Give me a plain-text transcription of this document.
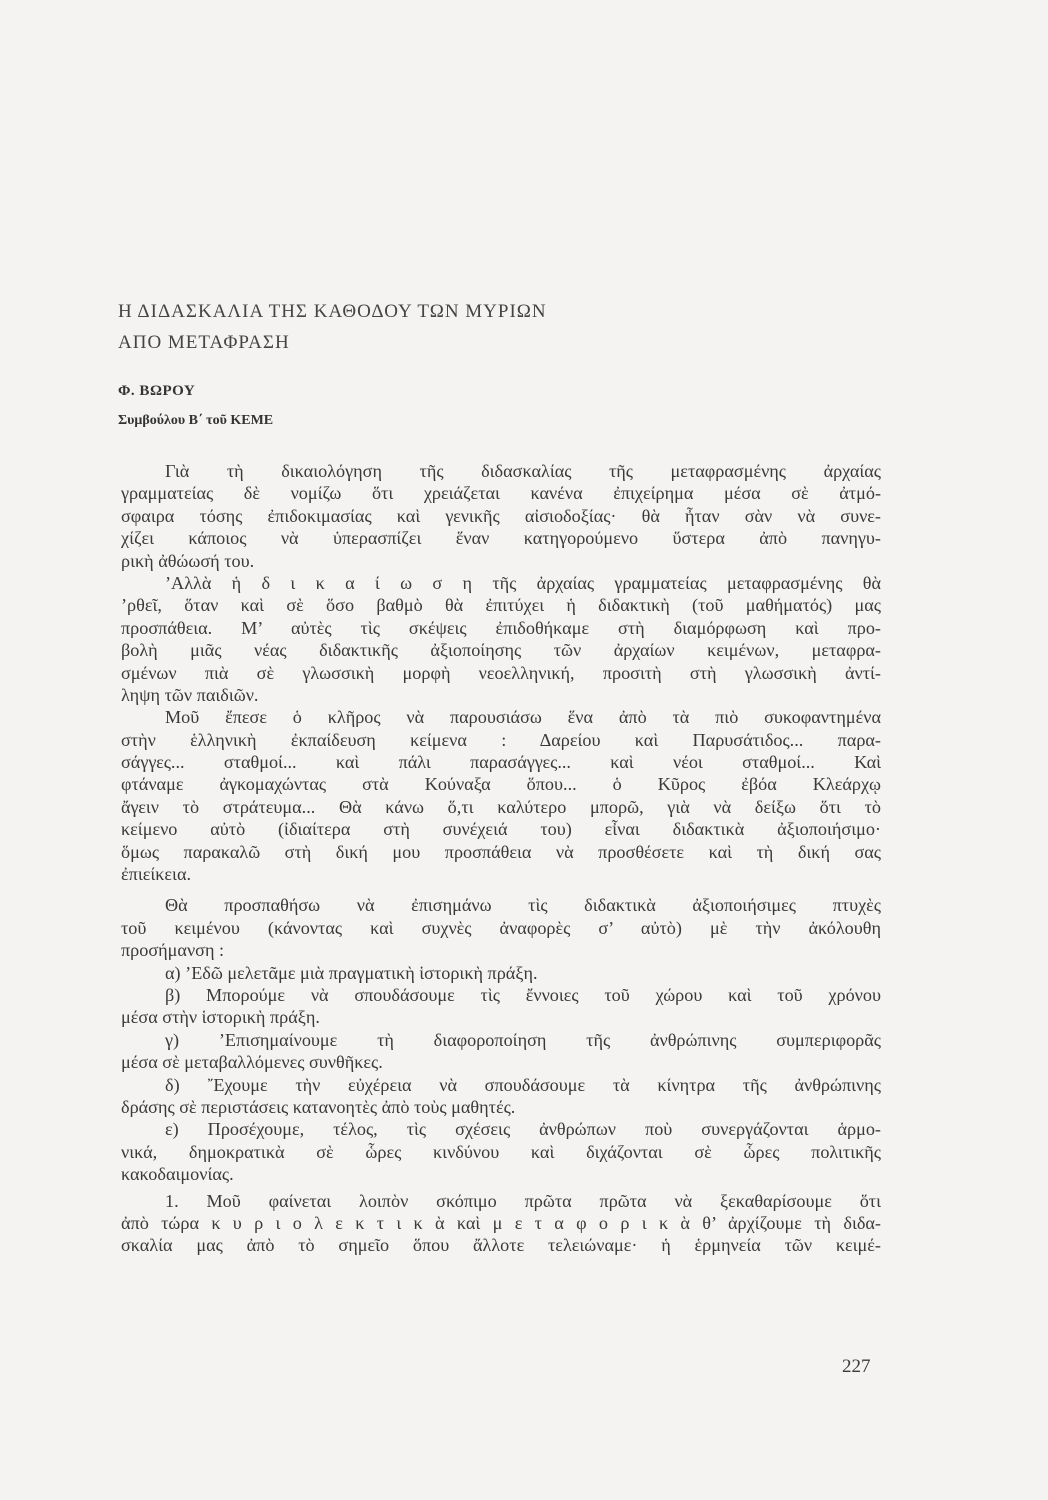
Η ΔΙΔΑΣΚΑΛΙΑ ΤΗΣ ΚΑΘΟΔΟΥ ΤΩΝ ΜΥΡΙΩΝ
ΑΠΟ ΜΕΤΑΦΡΑΣΗ
Φ. ΒΩΡΟΥ
Συμβούλου Β΄ τοῦ ΚΕΜΕ
Γιὰ τὴ δικαιολόγηση τῆς διδασκαλίας τῆς μεταφρασμένης ἀρχαίας
γραμματείας δὲ νομίζω ὅτι χρειάζεται κανένα ἐπιχείρημα μέσα σὲ ἀτμό-
σφαιρα τόσης ἐπιδοκιμασίας καὶ γενικῆς αἰσιοδοξίας· θὰ ἦταν σὰν νὰ συνε-
χίζει κάποιος νὰ ὑπερασπίζει ἕναν κατηγορούμενο ὕστερα ἀπὸ πανηγυ-
ρικὴ ἀθώωσή του.
’Αλλὰ ἡ δ ι κ α ί ω σ η τῆς ἀρχαίας γραμματείας μεταφρασμένης θὰ
’ρθεῖ, ὅταν καὶ σὲ ὅσο βαθμὸ θὰ ἐπιτύχει ἡ διδακτικὴ (τοῦ μαθήματός) μας
προσπάθεια. Μ’ αὐτὲς τὶς σκέψεις ἐπιδοθήκαμε στὴ διαμόρφωση καὶ προ-
βολὴ μιᾶς νέας διδακτικῆς ἀξιοποίησης τῶν ἀρχαίων κειμένων, μεταφρα-
σμένων πιὰ σὲ γλωσσικὴ μορφὴ νεοελληνική, προσιτὴ στὴ γλωσσικὴ ἀντί-
ληψη τῶν παιδιῶν.
Μοῦ ἔπεσε ὁ κλῆρος νὰ παρουσιάσω ἕνα ἀπὸ τὰ πιὸ συκοφαντημένα
στὴν ἑλληνικὴ ἐκπαίδευση κείμενα : Δαρείου καὶ Παρυσάτιδος... παρα-
σάγγες... σταθμοί... καὶ πάλι παρασάγγες... καὶ νέοι σταθμοί... Καὶ
φτάναμε ἀγκομαχώντας στὰ Κούναξα ὅπου... ὁ Κῦρος ἐβόα Κλεάρχῳ
ἄγειν τὸ στράτευμα... Θὰ κάνω ὅ,τι καλύτερο μπορῶ, γιὰ νὰ δείξω ὅτι τὸ
κείμενο αὐτὸ (ἰδιαίτερα στὴ συνέχειά του) εἶναι διδακτικὰ ἀξιοποιήσιμο·
ὅμως παρακαλῶ στὴ δική μου προσπάθεια νὰ προσθέσετε καὶ τὴ δική σας
ἐπιείκεια.
Θὰ προσπαθήσω νὰ ἐπισημάνω τὶς διδακτικὰ ἀξιοποιήσιμες πτυχὲς
τοῦ κειμένου (κάνοντας καὶ συχνὲς ἀναφορὲς σ’ αὐτὸ) μὲ τὴν ἀκόλουθη
προσήμανση :
α) ’Εδῶ μελετᾶμε μιὰ πραγματικὴ ἱστορικὴ πράξη.
β) Μπορούμε νὰ σπουδάσουμε τὶς ἔννοιες τοῦ χώρου καὶ τοῦ χρόνου
μέσα στὴν ἱστορικὴ πράξη.
γ) ’Επισημαίνουμε τὴ διαφοροποίηση τῆς ἀνθρώπινης συμπεριφορᾶς
μέσα σὲ μεταβαλλόμενες συνθῆκες.
δ) ῎Εχουμε τὴν εὐχέρεια νὰ σπουδάσουμε τὰ κίνητρα τῆς ἀνθρώπινης
δράσης σὲ περιστάσεις κατανοητὲς ἀπὸ τοὺς μαθητές.
ε) Προσέχουμε, τέλος, τὶς σχέσεις ἀνθρώπων ποὺ συνεργάζονται ἁρμο-
νικά, δημοκρατικὰ σὲ ὧρες κινδύνου καὶ διχάζονται σὲ ὧρες πολιτικῆς
κακοδαιμονίας.
1. Μοῦ φαίνεται λοιπὸν σκόπιμο πρῶτα πρῶτα νὰ ξεκαθαρίσουμε ὅτι
ἀπὸ τώρα κ υ ρ ι ο λ ε κ τ ι κ ὰ καὶ μ ε τ α φ ο ρ ι κ ὰ θ’ ἀρχίζουμε τὴ διδα-
σκαλία μας ἀπὸ τὸ σημεῖο ὅπου ἄλλοτε τελειώναμε· ἡ ἑρμηνεία τῶν κειμέ-
227
